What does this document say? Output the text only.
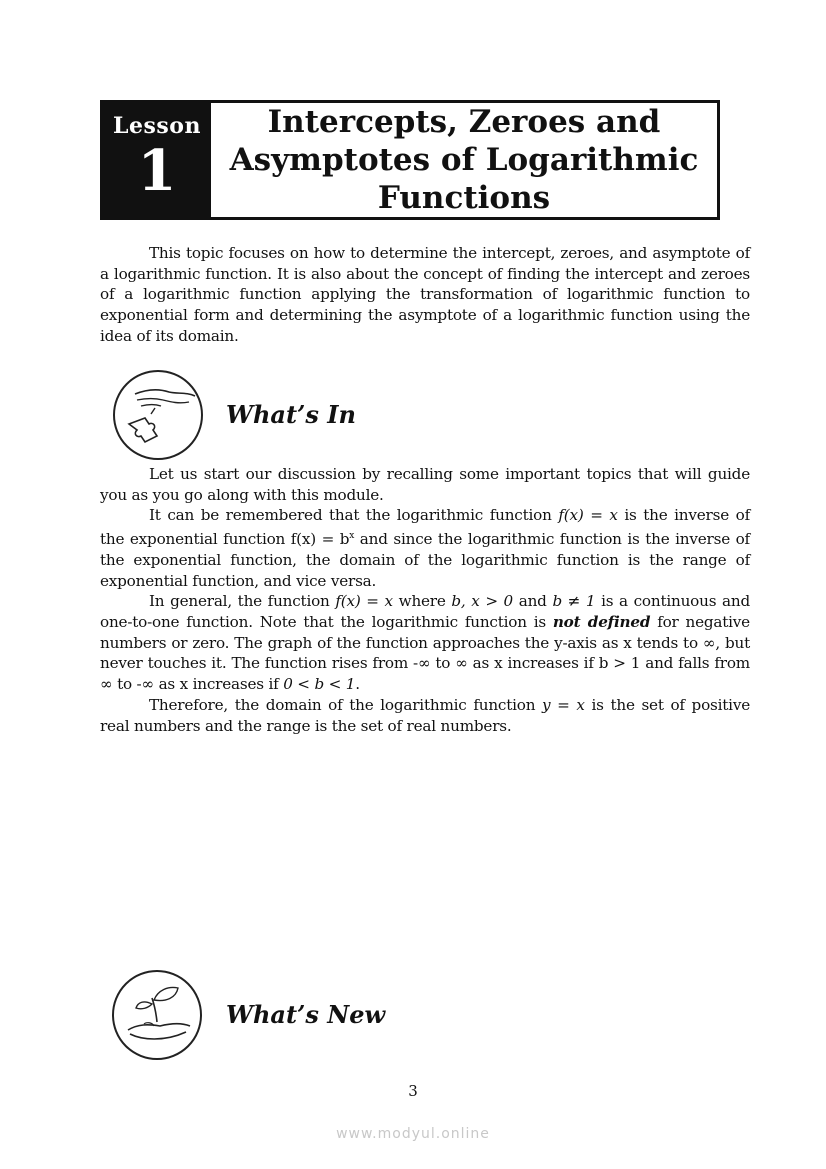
Lesson
1
Intercepts, Zeroes and
Asymptotes of Logarithmic
Functions

This topic focuses on how to determine the intercept, zeroes, and asymptote of a logarithmic function. It is also about the concept of finding the intercept and zeroes of a logarithmic function applying the transformation of logarithmic function to exponential form and determining the asymptote of a logarithmic function using the idea of its domain.

What’s In

Let us start our discussion by recalling some important topics that will guide you as you go along with this module.

It can be remembered that the logarithmic function f(x) = x is the inverse of the exponential function $f(x) = b^x$ and since the logarithmic function is the inverse of the exponential function, the domain of the logarithmic function is the range of exponential function, and vice versa.

In general, the function f(x) = x where b, x > 0 and b ≠ 1 is a continuous and one-to-one function. Note that the logarithmic function is not defined for negative numbers or zero. The graph of the function approaches the y-axis as x tends to ∞, but never touches it. The function rises from -∞ to ∞ as x increases if b > 1 and falls from ∞ to -∞ as x increases if 0 < b < 1.

Therefore, the domain of the logarithmic function y = x is the set of positive real numbers and the range is the set of real numbers.

What’s New
3
www.modyul.online
